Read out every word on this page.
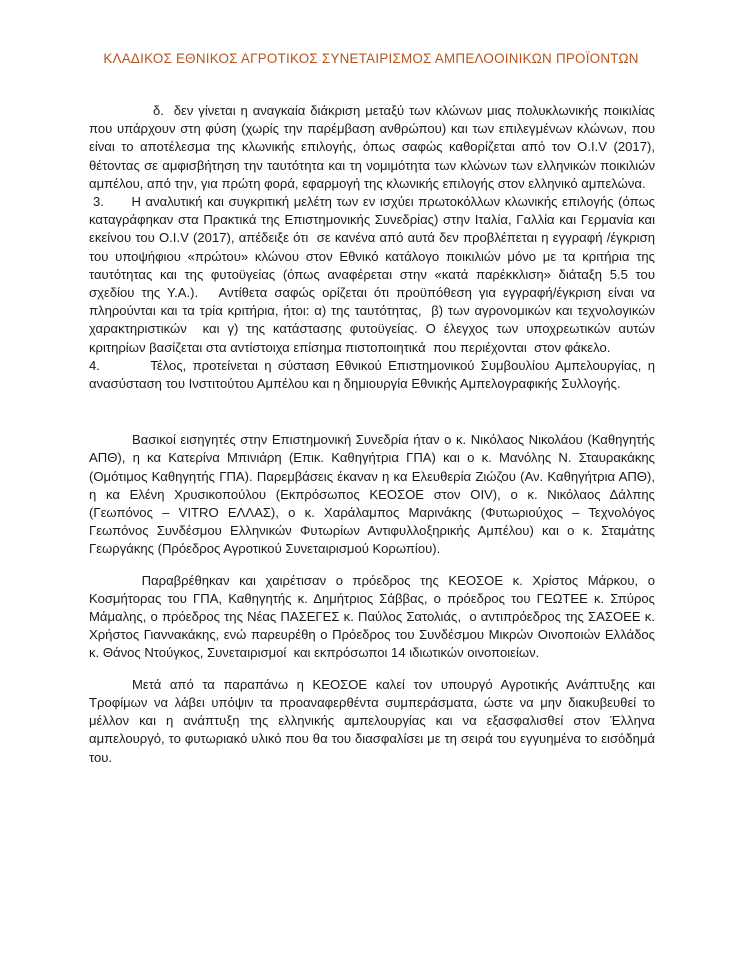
ΚΛΑΔΙΚΟΣ ΕΘΝΙΚΟΣ ΑΓΡΟΤΙΚΟΣ ΣΥΝΕΤΑΙΡΙΣΜΟΣ ΑΜΠΕΛΟΟΙΝΙΚΩΝ ΠΡΟΪΟΝΤΩΝ

δ.  δεν γίνεται η αναγκαία διάκριση μεταξύ των κλώνων μιας πολυκλωνικής ποικιλίας που υπάρχουν στη φύση (χωρίς την παρέμβαση ανθρώπου) και των επιλεγμένων κλώνων, που είναι το αποτέλεσμα της κλωνικής επιλογής, όπως σαφώς καθορίζεται από τον O.I.V (2017), θέτοντας σε αμφισβήτηση την ταυτότητα και τη νομιμότητα των κλώνων των ελληνικών ποικιλιών αμπέλου, από την, για πρώτη φορά, εφαρμογή της κλωνικής επιλογής στον ελληνικό αμπελώνα.

3.      Η αναλυτική και συγκριτική μελέτη των εν ισχύει πρωτοκόλλων κλωνικής επιλογής (όπως καταγράφηκαν στα Πρακτικά της Επιστημονικής Συνεδρίας) στην Ιταλία, Γαλλία και Γερμανία και εκείνου του O.I.V (2017), απέδειξε ότι  σε κανένα από αυτά δεν προβλέπεται η εγγραφή /έγκριση  του υποψήφιου «πρώτου» κλώνου στον Εθνικό κατάλογο ποικιλιών μόνο με τα κριτήρια της ταυτότητας και της φυτοϋγείας (όπως αναφέρεται στην «κατά παρέκκλιση» διάταξη 5.5 του σχεδίου της Υ.Α.).   Αντίθετα σαφώς ορίζεται ότι προϋπόθεση για εγγραφή/έγκριση είναι να πληρούνται και τα τρία κριτήρια, ήτοι: α) της ταυτότητας,  β) των αγρονομικών και τεχνολογικών χαρακτηριστικών  και γ) της κατάστασης φυτοϋγείας. Ο έλεγχος των υποχρεωτικών αυτών κριτηρίων βασίζεται στα αντίστοιχα επίσημα πιστοποιητικά  που περιέχονται  στον φάκελο.

4.        Τέλος, προτείνεται η σύσταση Εθνικού Επιστημονικού Συμβουλίου Αμπελουργίας, η ανασύσταση του Ινστιτούτου Αμπέλου και η δημιουργία Εθνικής Αμπελογραφικής Συλλογής.

Βασικοί εισηγητές στην Επιστημονική Συνεδρία ήταν ο κ. Νικόλαος Νικολάου (Καθηγητής ΑΠΘ), η κα Κατερίνα Μπινιάρη (Επικ. Καθηγήτρια ΓΠΑ) και ο κ. Μανόλης Ν. Σταυρακάκης (Ομότιμος Καθηγητής ΓΠΑ). Παρεμβάσεις έκαναν η κα Ελευθερία Ζιώζου (Αν. Καθηγήτρια ΑΠΘ), η κα Ελένη Χρυσικοπούλου (Εκπρόσωπος ΚΕΟΣΟΕ στον OIV), ο κ. Νικόλαος Δάλπης (Γεωπόνος – VITRO ΕΛΛΑΣ), ο κ. Χαράλαμπος Μαρινάκης (Φυτωριούχος – Τεχνολόγος Γεωπόνος Συνδέσμου Ελληνικών Φυτωρίων Αντιφυλλοξηρικής Αμπέλου) και ο κ. Σταμάτης Γεωργάκης (Πρόεδρος Αγροτικού Συνεταιρισμού Κορωπίου).

Παραβρέθηκαν και χαιρέτισαν ο πρόεδρος της ΚΕΟΣΟΕ κ. Χρίστος Μάρκου, ο Κοσμήτορας του ΓΠΑ, Καθηγητής κ. Δημήτριος Σάββας, ο πρόεδρος του ΓΕΩΤΕΕ κ. Σπύρος Μάμαλης, ο πρόεδρος της Νέας ΠΑΣΕΓΕΣ κ. Παύλος Σατολιάς,  ο αντιπρόεδρος της ΣΑΣΟΕΕ κ. Χρήστος Γιαννακάκης, ενώ παρευρέθη ο Πρόεδρος του Συνδέσμου Μικρών Οινοποιών Ελλάδος κ. Θάνος Ντούγκος, Συνεταιρισμοί  και εκπρόσωποι 14 ιδιωτικών οινοποιείων.

Μετά από τα παραπάνω η ΚΕΟΣΟΕ καλεί τον υπουργό Αγροτικής Ανάπτυξης και Τροφίμων να λάβει υπόψιν τα προαναφερθέντα συμπεράσματα, ώστε να μην διακυβευθεί το μέλλον και η ανάπτυξη της ελληνικής αμπελουργίας και να εξασφαλισθεί στον Έλληνα αμπελουργό, το φυτωριακό υλικό που θα του διασφαλίσει με τη σειρά του εγγυημένα το εισόδημά του.
